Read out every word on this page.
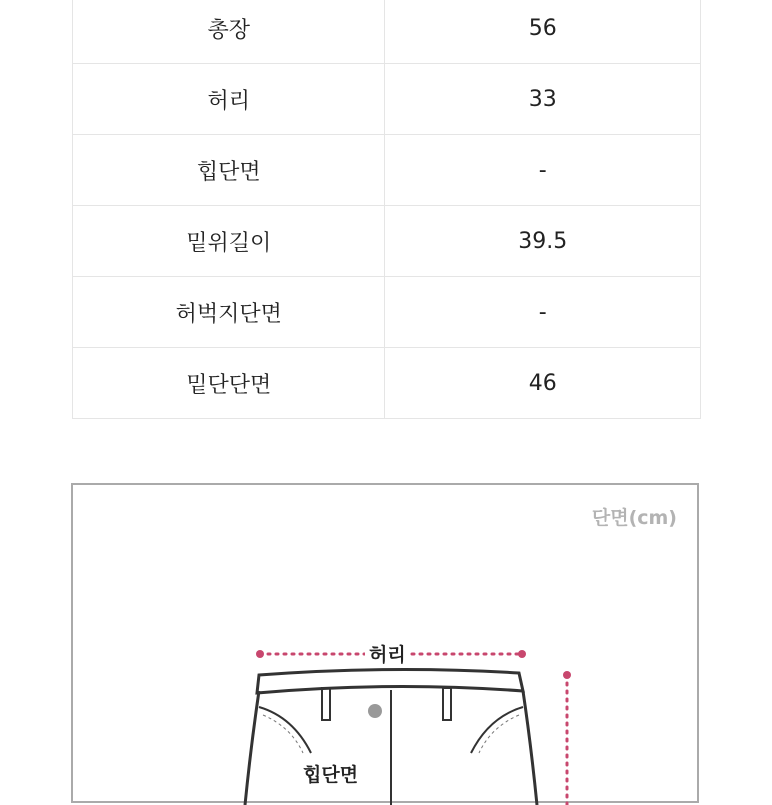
총장	56
허리	33
힙단면	-
밑위길이	39.5
허벅지단면	-
밑단단면	46
단면(cm)
허리
힙단면
